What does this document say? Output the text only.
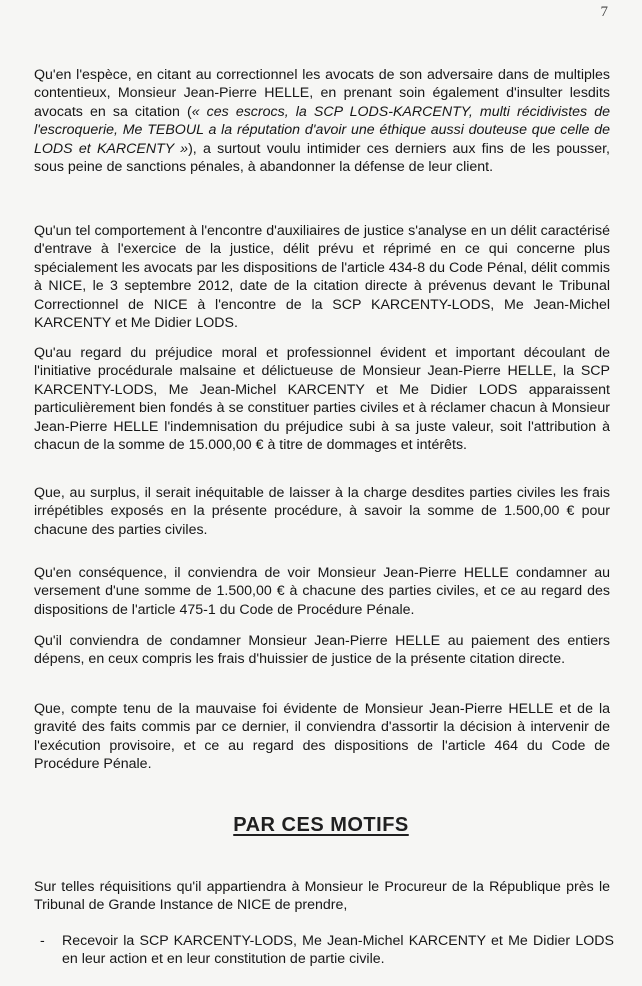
7

Qu'en l'espèce, en citant au correctionnel les avocats de son adversaire dans de multiples contentieux, Monsieur Jean-Pierre HELLE, en prenant soin également d'insulter lesdits avocats en sa citation (« ces escrocs, la SCP LODS-KARCENTY, multi récidivistes de l'escroquerie, Me TEBOUL a la réputation d'avoir une éthique aussi douteuse que celle de LODS et KARCENTY »), a surtout voulu intimider ces derniers aux fins de les pousser, sous peine de sanctions pénales, à abandonner la défense de leur client.

Qu'un tel comportement à l'encontre d'auxiliaires de justice s'analyse en un délit caractérisé d'entrave à l'exercice de la justice, délit prévu et réprimé en ce qui concerne plus spécialement les avocats par les dispositions de l'article 434-8 du Code Pénal, délit commis à NICE, le 3 septembre 2012, date de la citation directe à prévenus devant le Tribunal Correctionnel de NICE à l'encontre de la SCP KARCENTY-LODS, Me Jean-Michel KARCENTY et Me Didier LODS.

Qu'au regard du préjudice moral et professionnel évident et important découlant de l'initiative procédurale malsaine et délictueuse de Monsieur Jean-Pierre HELLE, la SCP KARCENTY-LODS, Me Jean-Michel KARCENTY et Me Didier LODS apparaissent particulièrement bien fondés à se constituer parties civiles et à réclamer chacun à Monsieur Jean-Pierre HELLE l'indemnisation du préjudice subi à sa juste valeur, soit l'attribution à chacun de la somme de 15.000,00 € à titre de dommages et intérêts.

Que, au surplus, il serait inéquitable de laisser à la charge desdites parties civiles les frais irrépétibles exposés en la présente procédure, à savoir la somme de 1.500,00 € pour chacune des parties civiles.

Qu'en conséquence, il conviendra de voir Monsieur Jean-Pierre HELLE condamner au versement d'une somme de 1.500,00 € à chacune des parties civiles, et ce au regard des dispositions de l'article 475-1 du Code de Procédure Pénale.

Qu'il conviendra de condamner Monsieur Jean-Pierre HELLE au paiement des entiers dépens, en ceux compris les frais d'huissier de justice de la présente citation directe.

Que, compte tenu de la mauvaise foi évidente de Monsieur Jean-Pierre HELLE et de la gravité des faits commis par ce dernier, il conviendra d'assortir la décision à intervenir de l'exécution provisoire, et ce au regard des dispositions de l'article 464 du Code de Procédure Pénale.

PAR CES MOTIFS

Sur telles réquisitions qu'il appartiendra à Monsieur le Procureur de la République près le Tribunal de Grande Instance de NICE de prendre,

- Recevoir la SCP KARCENTY-LODS, Me Jean-Michel KARCENTY et Me Didier LODS en leur action et en leur constitution de partie civile.
